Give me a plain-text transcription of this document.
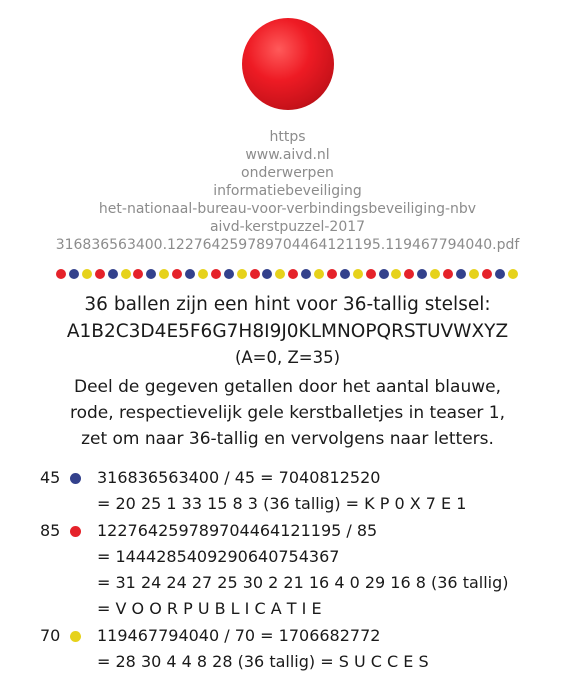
https
www.aivd.nl
onderwerpen
informatiebeveiliging
het-nationaal-bureau-voor-verbindingsbeveiliging-nbv
aivd-kerstpuzzel-2017
316836563400.122764259789704464121195.119467794040.pdf
36 ballen zijn een hint voor 36-tallig stelsel:
A1B2C3D4E5F6G7H8I9J0KLMNOPQRSTUVWXYZ
(A=0, Z=35)
Deel de gegeven getallen door het aantal blauwe,
rode, respectievelijk gele kerstballetjes in teaser 1,
zet om naar 36-tallig en vervolgens naar letters.
45	316836563400 / 45 = 7040812520
= 20 25 1 33 15 8 3 (36 tallig) = K P 0 X 7 E 1
85	122764259789704464121195 / 85
= 1444285409290640754367
= 31 24 24 27 25 30 2 21 16 4 0 29 16 8 (36 tallig)
= V O O R P U B L I C A T I E
70	119467794040 / 70 = 1706682772
= 28 30 4 4 8 28 (36 tallig) = S U C C E S
